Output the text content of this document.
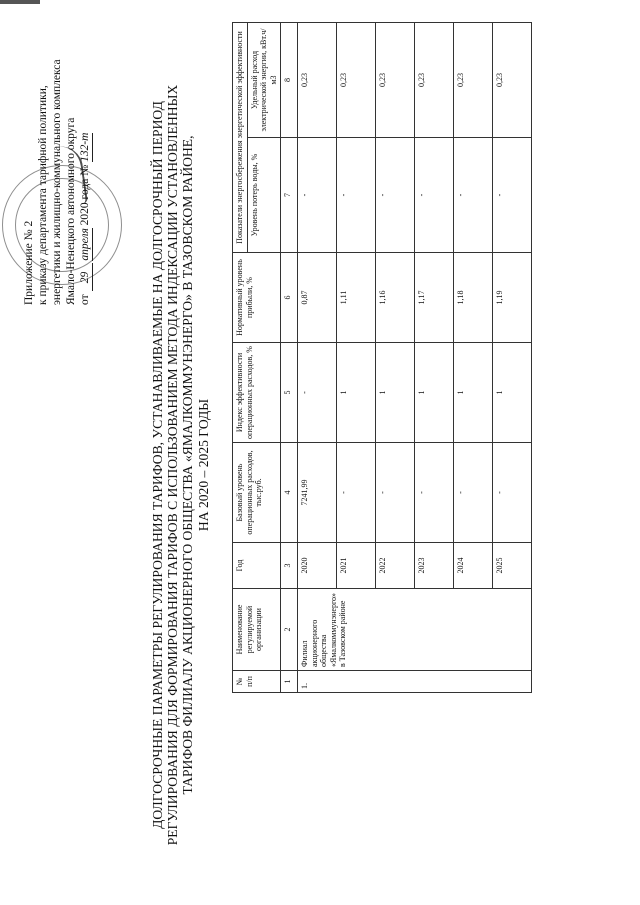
Приложение № 2 к приказу департамента тарифной политики, энергетики и жилищно-коммунального комплекса Ямало-Ненецкого автономного округа от 29 апреля 2020 года № 132-т	ДОЛГОСРОЧНЫЕ ПАРАМЕТРЫ РЕГУЛИРОВАНИЯ ТАРИФОВ, УСТАНАВЛИВАЕМЫЕ НА ДОЛГОСРОЧНЫЙ ПЕРИОД РЕГУЛИРОВАНИЯ ДЛЯ ФОРМИРОВАНИЯ ТАРИФОВ С ИСПОЛЬЗОВАНИЕМ МЕТОДА ИНДЕКСАЦИИ УСТАНОВЛЕННЫХ ТАРИФОВ ФИЛИАЛУ АКЦИОНЕРНОГО ОБЩЕСТВА «ЯМАЛКОММУНЭНЕРГО» В ТАЗОВСКОМ РАЙОНЕ, НА 2020 – 2025 ГОДЫ
№ п/п	Наименование регулируемой организации	Год	Базовый уровень операционных расходов, тыс.руб.	Индекс эффективности операционных расходов, %	Нормативный уровень прибыли, %	Показатели энергосбережения энергетической эффективности	
						Уровень потерь воды, %	Удельный расход электрической энергии, кВт.ч/м3
1	2	3	4	5	6	7	8
1.	Филиал акционерного общества «Ямалкоммунэнерго» в Тазовском районе	2020	7241,99	-	0,87	-	0,23
		2021	-	1	1,11	-	0,23
		2022	-	1	1,16	-	0,23
		2023	-	1	1,17	-	0,23
		2024	-	1	1,18	-	0,23
		2025	-	1	1,19	-	0,23
